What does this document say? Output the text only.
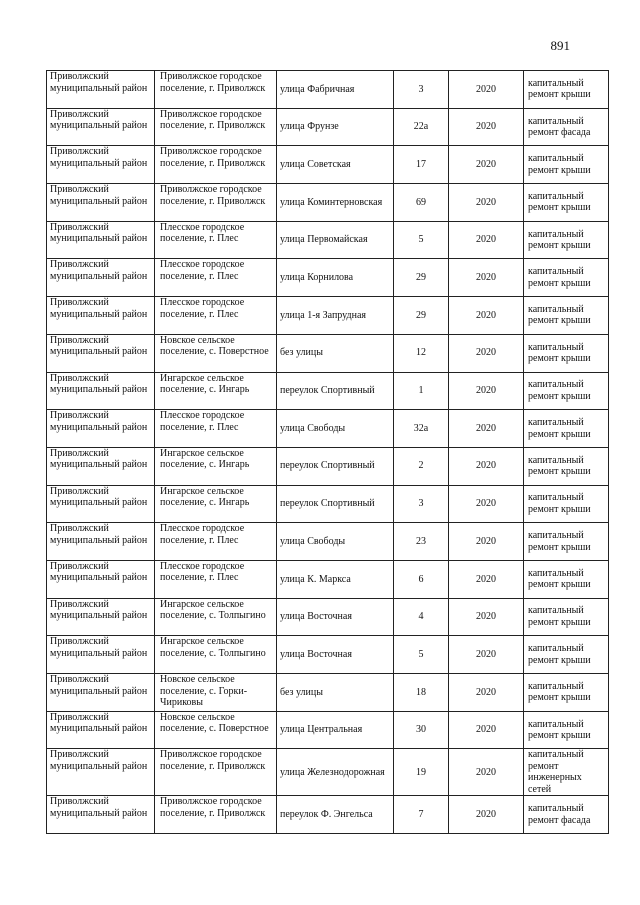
891
Приволжский муниципальный район	Приволжское городское поселение, г. Приволжск	улица Фабричная	3	2020	капитальный ремонт крыши
Приволжский муниципальный район	Приволжское городское поселение, г. Приволжск	улица Фрунзе	22а	2020	капитальный ремонт фасада
Приволжский муниципальный район	Приволжское городское поселение, г. Приволжск	улица Советская	17	2020	капитальный ремонт крыши
Приволжский муниципальный район	Приволжское городское поселение, г. Приволжск	улица Коминтерновская	69	2020	капитальный ремонт крыши
Приволжский муниципальный район	Плесское городское поселение, г. Плес	улица Первомайская	5	2020	капитальный ремонт крыши
Приволжский муниципальный район	Плесское городское поселение, г. Плес	улица Корнилова	29	2020	капитальный ремонт крыши
Приволжский муниципальный район	Плесское городское поселение, г. Плес	улица 1-я Запрудная	29	2020	капитальный ремонт крыши
Приволжский муниципальный район	Новское сельское поселение, с. Поверстное	без улицы	12	2020	капитальный ремонт крыши
Приволжский муниципальный район	Ингарское сельское поселение, с. Ингарь	переулок Спортивный	1	2020	капитальный ремонт крыши
Приволжский муниципальный район	Плесское городское поселение, г. Плес	улица Свободы	32а	2020	капитальный ремонт крыши
Приволжский муниципальный район	Ингарское сельское поселение, с. Ингарь	переулок Спортивный	2	2020	капитальный ремонт крыши
Приволжский муниципальный район	Ингарское сельское поселение, с. Ингарь	переулок Спортивный	3	2020	капитальный ремонт крыши
Приволжский муниципальный район	Плесское городское поселение, г. Плес	улица Свободы	23	2020	капитальный ремонт крыши
Приволжский муниципальный район	Плесское городское поселение, г. Плес	улица К. Маркса	6	2020	капитальный ремонт крыши
Приволжский муниципальный район	Ингарское сельское поселение, с. Толпыгино	улица Восточная	4	2020	капитальный ремонт крыши
Приволжский муниципальный район	Ингарское сельское поселение, с. Толпыгино	улица Восточная	5	2020	капитальный ремонт крыши
Приволжский муниципальный район	Новское сельское поселение, с. Горки-Чириковы	без улицы	18	2020	капитальный ремонт крыши
Приволжский муниципальный район	Новское сельское поселение, с. Поверстное	улица Центральная	30	2020	капитальный ремонт крыши
Приволжский муниципальный район	Приволжское городское поселение, г. Приволжск	улица Железнодорожная	19	2020	капитальный ремонт инженерных сетей
Приволжский муниципальный район	Приволжское городское поселение, г. Приволжск	переулок Ф. Энгельса	7	2020	капитальный ремонт фасада
